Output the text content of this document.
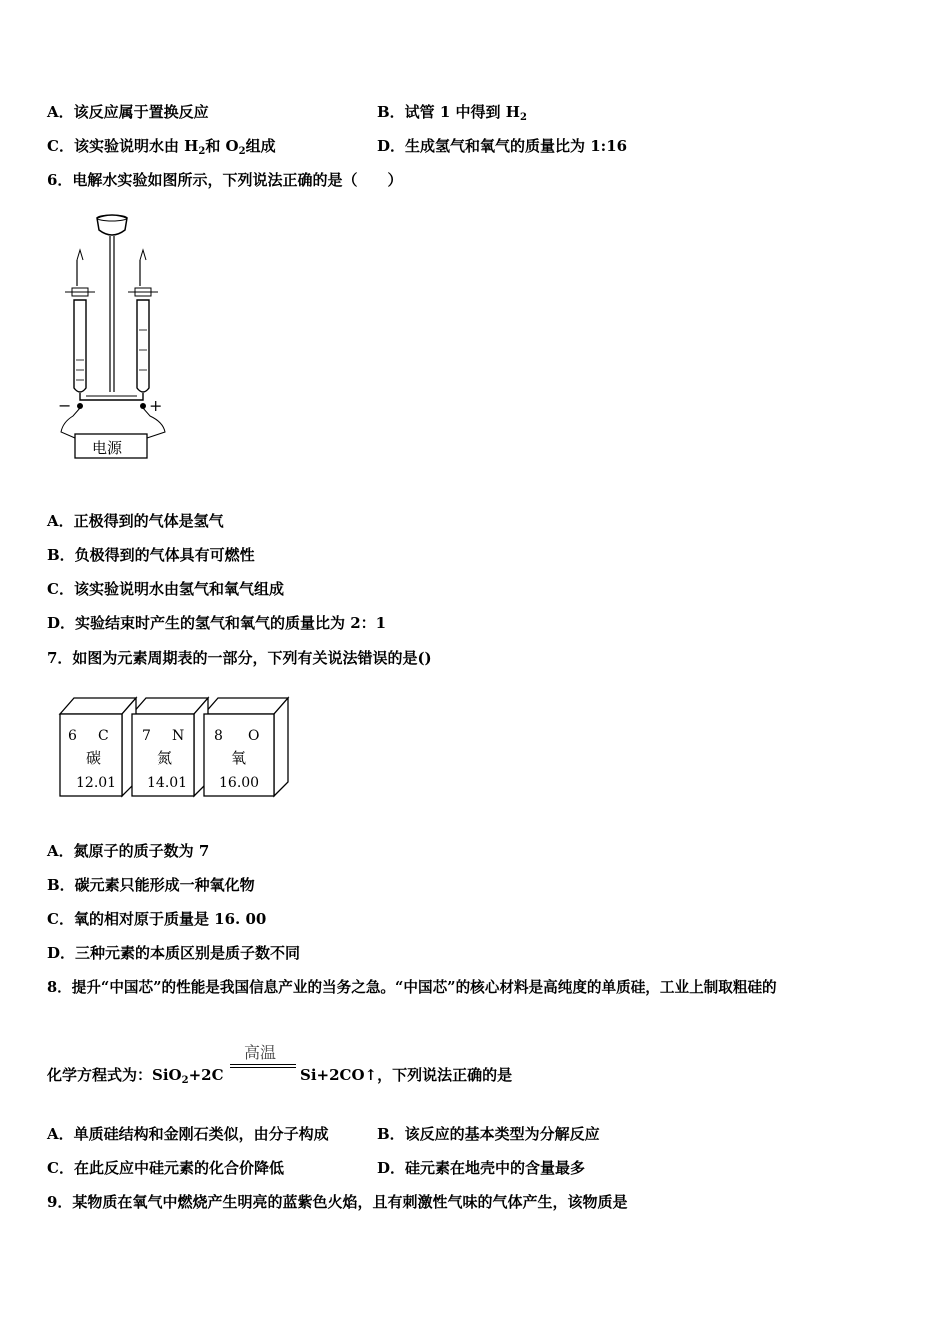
A．该反应属于置换反应	B．试管 1 中得到 $H_2$
C．该实验说明水由 $H_2$和 $O_2$组成	D．生成氢气和氧气的质量比为 1:16
6．电解水实验如图所示，下列说法正确的是（　　）
−	+
电源
A．正极得到的气体是氢气
B．负极得到的气体具有可燃性
C．该实验说明水由氢气和氧气组成
D．实验结束时产生的氢气和氧气的质量比为 2：1
7．如图为元素周期表的一部分，下列有关说法错误的是()
6 C
碳
12.01
7 N
氮
14.01
8 O
氧
16.00
A．氮原子的质子数为 7
B．碳元素只能形成一种氧化物
C．氧的相对原于质量是 16. 00
D．三种元素的本质区别是质子数不同
8．提升“中国芯”的性能是我国信息产业的当务之急。“中国芯”的核心材料是高纯度的单质硅，工业上制取粗硅的
高温
化学方程式为：SiO$_2$+2C	Si+2CO↑，下列说法正确的是
A．单质硅结构和金刚石类似，由分子构成	B．该反应的基本类型为分解反应
C．在此反应中硅元素的化合价降低	D．硅元素在地壳中的含量最多
9．某物质在氧气中燃烧产生明亮的蓝紫色火焰，且有刺激性气味的气体产生，该物质是
